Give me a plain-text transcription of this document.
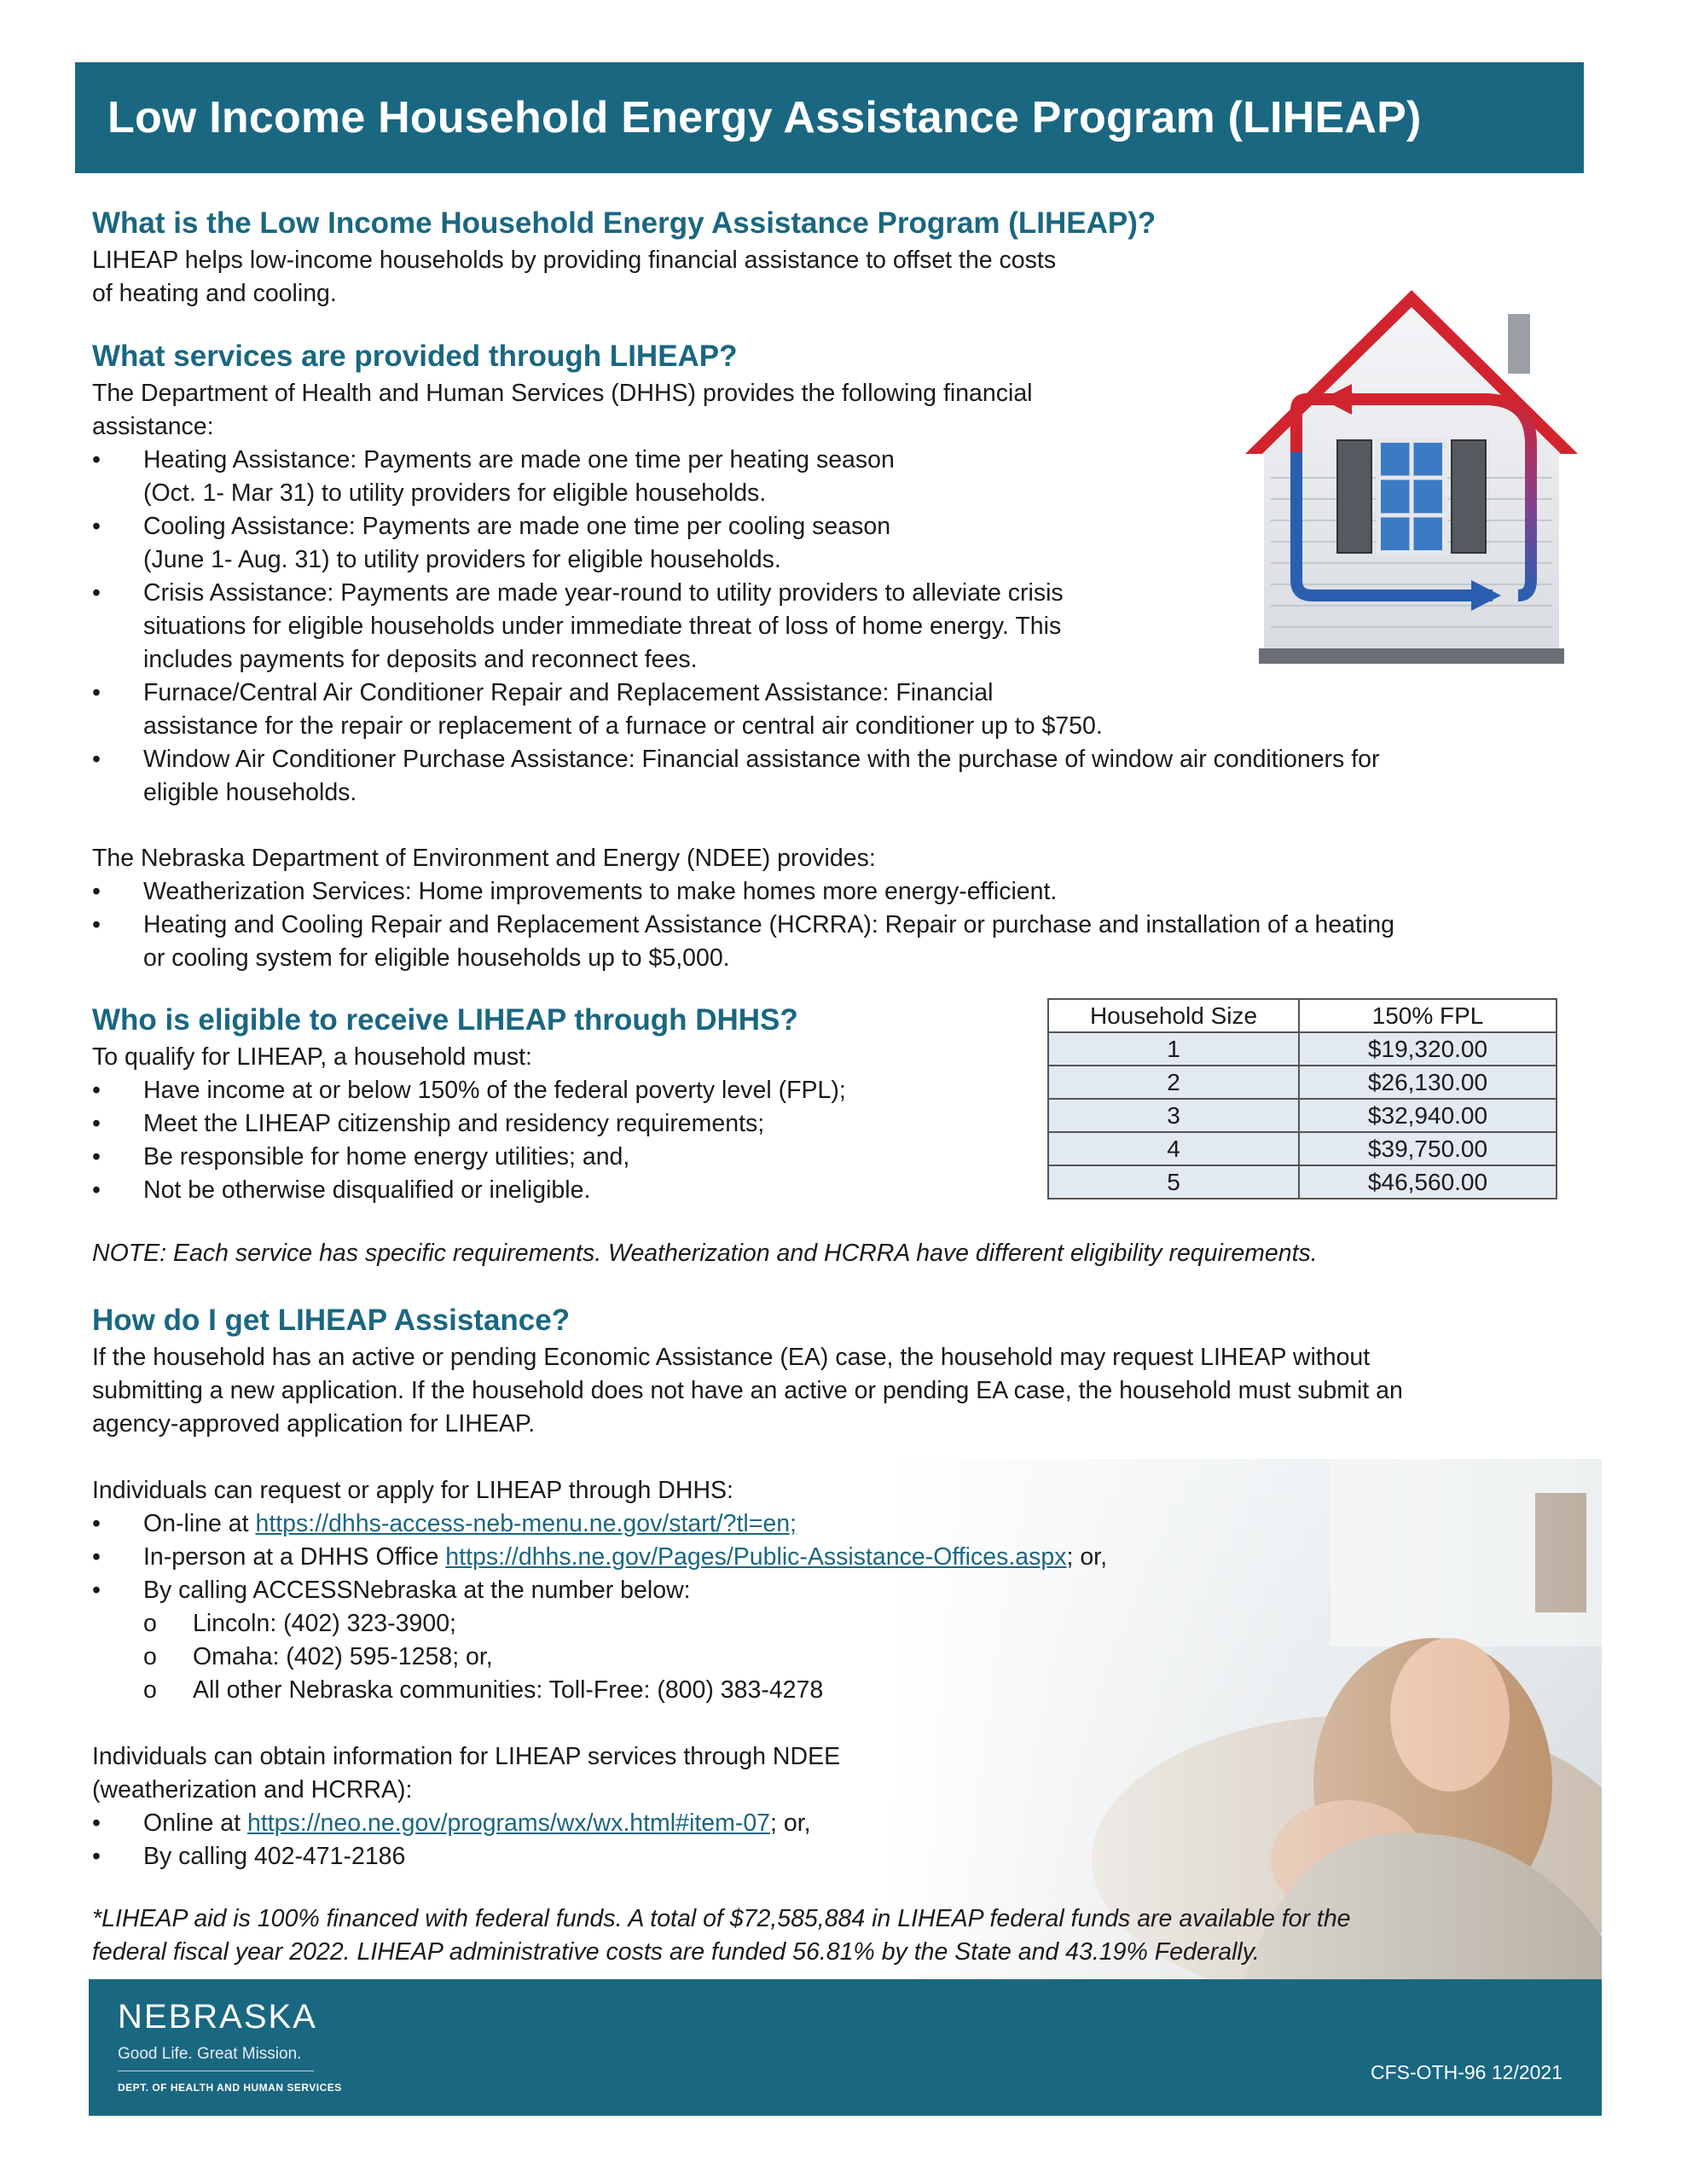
Low Income Household Energy Assistance Program (LIHEAP)
What is the Low Income Household Energy Assistance Program (LIHEAP)?

LIHEAP helps low-income households by providing financial assistance to offset the costs

of heating and cooling.

What services are provided through LIHEAP?

The Department of Health and Human Services (DHHS) provides the following financial

assistance:

• Heating Assistance: Payments are made one time per heating season
(Oct. 1- Mar 31) to utility providers for eligible households.
• Cooling Assistance: Payments are made one time per cooling season
(June 1- Aug. 31) to utility providers for eligible households.
• Crisis Assistance: Payments are made year-round to utility providers to alleviate crisis
situations for eligible households under immediate threat of loss of home energy. This
includes payments for deposits and reconnect fees.
• Furnace/Central Air Conditioner Repair and Replacement Assistance: Financial
assistance for the repair or replacement of a furnace or central air conditioner up to $750.
• Window Air Conditioner Purchase Assistance: Financial assistance with the purchase of window air conditioners for
eligible households.

The Nebraska Department of Environment and Energy (NDEE) provides:

• Weatherization Services: Home improvements to make homes more energy-efficient.
• Heating and Cooling Repair and Replacement Assistance (HCRRA): Repair or purchase and installation of a heating
or cooling system for eligible households up to $5,000.
Who is eligible to receive LIHEAP through DHHS?

To qualify for LIHEAP, a household must:

• Have income at or below 150% of the federal poverty level (FPL);
• Meet the LIHEAP citizenship and residency requirements;
• Be responsible for home energy utilities; and,
• Not be otherwise disqualified or ineligible.
Household Size	150% FPL
1	$19,320.00
2	$26,130.00
3	$32,940.00
4	$39,750.00
5	$46,560.00

NOTE: Each service has specific requirements. Weatherization and HCRRA have different eligibility requirements.

How do I get LIHEAP Assistance?

If the household has an active or pending Economic Assistance (EA) case, the household may request LIHEAP without

submitting a new application. If the household does not have an active or pending EA case, the household must submit an

agency-approved application for LIHEAP.

Individuals can request or apply for LIHEAP through DHHS:

• On-line at https://dhhs-access-neb-menu.ne.gov/start/?tl=en;
• In-person at a DHHS Office https://dhhs.ne.gov/Pages/Public-Assistance-Offices.aspx; or,
• By calling ACCESSNebraska at the number below:
o Lincoln: (402) 323-3900;
o Omaha: (402) 595-1258; or,
o All other Nebraska communities: Toll-Free: (800) 383-4278

Individuals can obtain information for LIHEAP services through NDEE

(weatherization and HCRRA):

• Online at https://neo.ne.gov/programs/wx/wx.html#item-07; or,
• By calling 402-471-2186

*LIHEAP aid is 100% financed with federal funds. A total of $72,585,884 in LIHEAP federal funds are available for the

federal fiscal year 2022. LIHEAP administrative costs are funded 56.81% by the State and 43.19% Federally.

NEBRASKA
Good Life. Great Mission.
DEPT. OF HEALTH AND HUMAN SERVICES
CFS-OTH-96 12/2021
